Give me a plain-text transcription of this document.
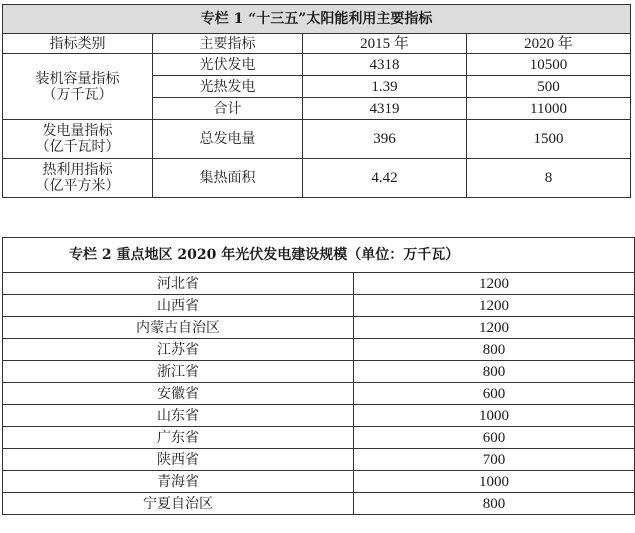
专栏 1 “十三五”太阳能利用主要指标			
指标类别	主要指标	2015 年	2020 年

装机容量指标
（万千瓦）	光伏发电	4318	10500
	光热发电	1.39	500
	合计	4319	11000

发电量指标
（亿千瓦时）	总发电量	396	1500

热利用指标
（亿平方米）	集热面积	4.42	8
专栏 2 重点地区 2020 年光伏发电建设规模（单位：万千瓦）	
河北省	1200
山西省	1200
内蒙古自治区	1200
江苏省	800
浙江省	800
安徽省	600
山东省	1000
广东省	600
陕西省	700
青海省	1000
宁夏自治区	800
